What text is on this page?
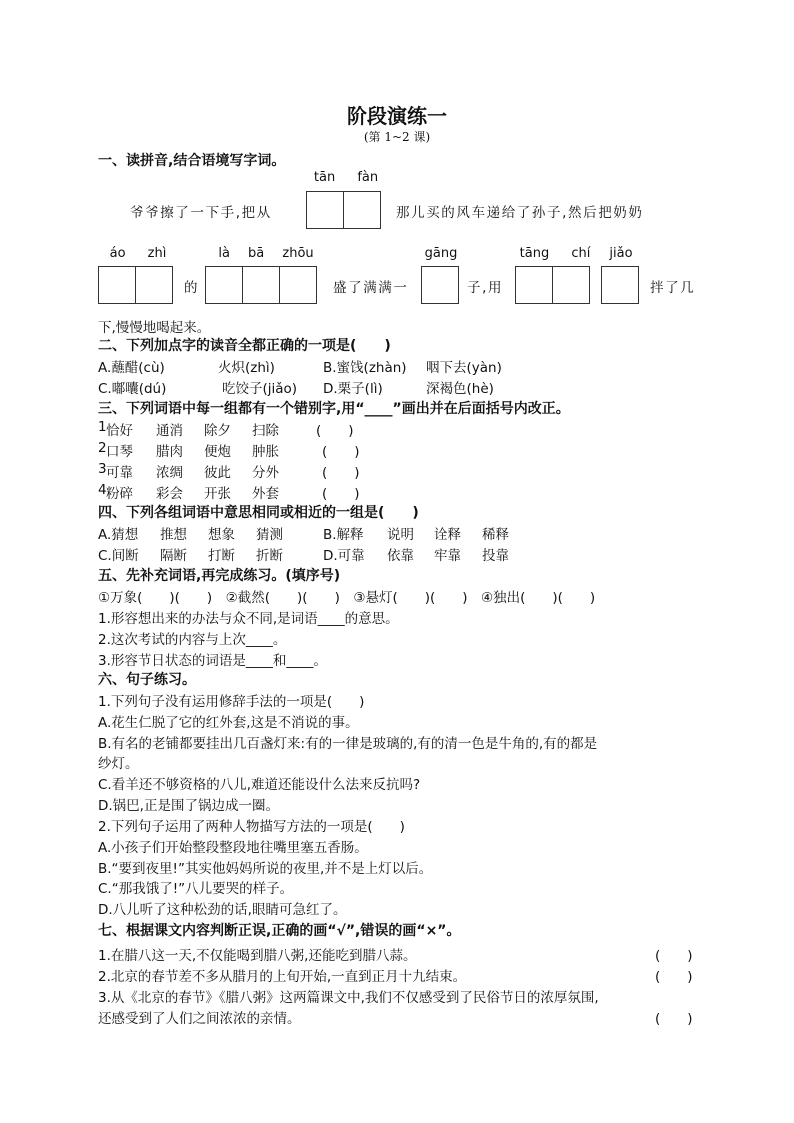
阶段演练一
(第 1~2 课)
一、读拼音,结合语境写字词。
tān fàn
爷爷擦了一下手,把从	那儿买的风车递给了孙子,然后把奶奶
áo zhì	là bā zhōu	gāng	tāng chí	jiǎo
的	盛了满满一	子,用	拌了几
下,慢慢地喝起来。
二、下列加点字的读音全都正确的一项是(　　)
A.蘸醋(cù)	火炽(zhì)	B.蜜饯(zhàn) 咽下去(yàn)
C.嘟囔(dú)	吃饺子(jiǎo) D.栗子(lì)	深褐色(hè)
三、下列词语中每一组都有一个错别字,用“____”画出并在后面括号内改正。
1 恰好 通消 除夕 扫除	(　　)
2 口琴 腊肉 便炮 肿胀	(　　)
3 可靠 浓绸 彼此 分外	(　　)
4 粉碎 彩会 开张 外套	(　　)
四、下列各组词语中意思相同或相近的一组是(　　)
A.猜想 推想 想象 猜测	B.解释 说明 诠释 稀释
C.间断 隔断 打断 折断	D.可靠 依靠 牢靠 投靠
五、先补充词语,再完成练习。(填序号)
①万象(　　)(　　)　②截然(　　)(　　)　③悬灯(　　)(　　)　④独出(　　)(　　)
1.形容想出来的办法与众不同,是词语____的意思。
2.这次考试的内容与上次____。
3.形容节日状态的词语是____和____。
六、句子练习。
1.下列句子没有运用修辞手法的一项是(　　)
A.花生仁脱了它的红外套,这是不消说的事。
B.有名的老铺都要挂出几百盏灯来:有的一律是玻璃的,有的清一色是牛角的,有的都是
纱灯。
C.看羊还不够资格的八儿,难道还能设什么法来反抗吗?
D.锅巴,正是围了锅边成一圈。
2.下列句子运用了两种人物描写方法的一项是(　　)
A.小孩子们开始整段整段地往嘴里塞五香肠。
B.“要到夜里!”其实他妈妈所说的夜里,并不是上灯以后。
C.“那我饿了!”八儿要哭的样子。
D.八儿听了这种松劲的话,眼睛可急红了。
七、根据课文内容判断正误,正确的画“√”,错误的画“×”。
1.在腊八这一天,不仅能喝到腊八粥,还能吃到腊八蒜。	(　　)
2.北京的春节差不多从腊月的上旬开始,一直到正月十九结束。	(　　)
3.从《北京的春节》《腊八粥》这两篇课文中,我们不仅感受到了民俗节日的浓厚氛围,
还感受到了人们之间浓浓的亲情。	(　　)
